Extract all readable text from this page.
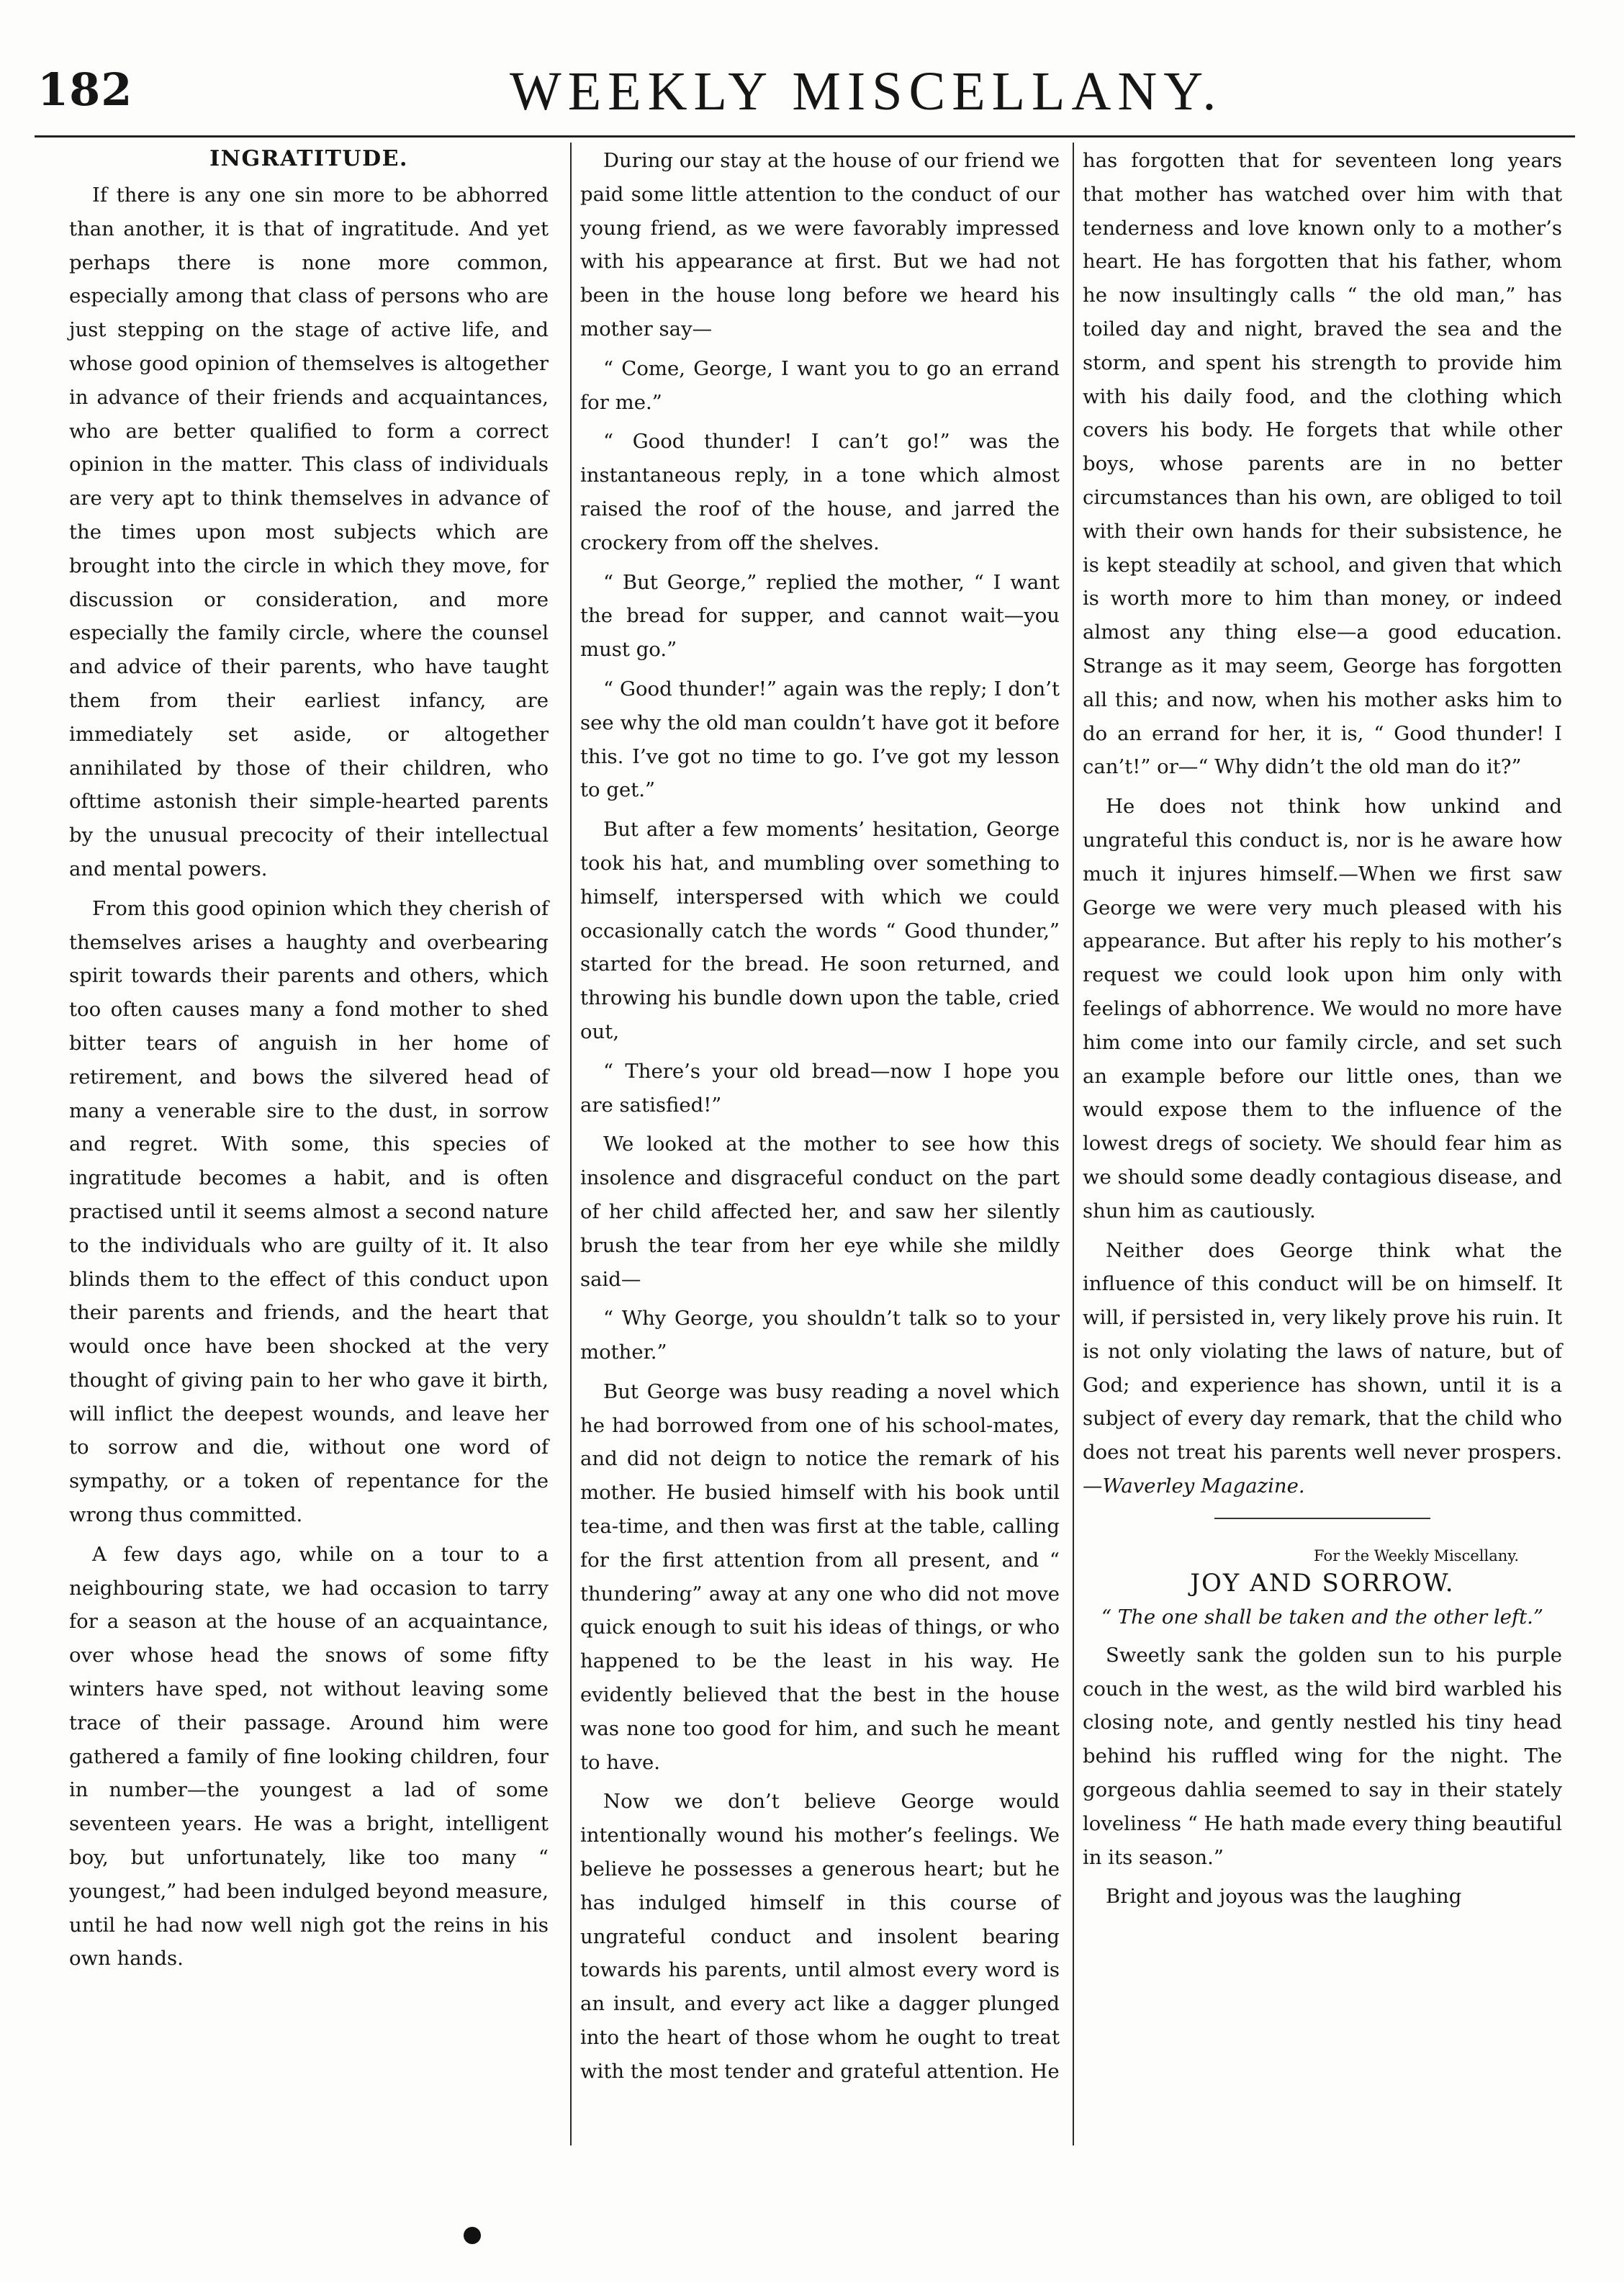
182	WEEKLY MISCELLANY.
INGRATITUDE.

If there is any one sin more to be abhorred than another, it is that of ingratitude. And yet perhaps there is none more common, especially among that class of persons who are just stepping on the stage of active life, and whose good opinion of themselves is altogether in advance of their friends and acquaintances, who are better qualified to form a correct opinion in the matter. This class of individuals are very apt to think themselves in advance of the times upon most subjects which are brought into the circle in which they move, for discussion or consideration, and more especially the family circle, where the counsel and advice of their parents, who have taught them from their earliest infancy, are immediately set aside, or altogether annihilated by those of their children, who ofttime astonish their simple-hearted parents by the unusual precocity of their intellectual and mental powers.

From this good opinion which they cherish of themselves arises a haughty and overbearing spirit towards their parents and others, which too often causes many a fond mother to shed bitter tears of anguish in her home of retirement, and bows the silvered head of many a venerable sire to the dust, in sorrow and regret. With some, this species of ingratitude becomes a habit, and is often practised until it seems almost a second nature to the individuals who are guilty of it. It also blinds them to the effect of this conduct upon their parents and friends, and the heart that would once have been shocked at the very thought of giving pain to her who gave it birth, will inflict the deepest wounds, and leave her to sorrow and die, without one word of sympathy, or a token of repentance for the wrong thus committed.

A few days ago, while on a tour to a neighbouring state, we had occasion to tarry for a season at the house of an acquaintance, over whose head the snows of some fifty winters have sped, not without leaving some trace of their passage. Around him were gathered a family of fine looking children, four in number—the youngest a lad of some seventeen years. He was a bright, intelligent boy, but unfortunately, like too many “ youngest,” had been indulged beyond measure, until he had now well nigh got the reins in his own hands.

During our stay at the house of our friend we paid some little attention to the conduct of our young friend, as we were favorably impressed with his appearance at first. But we had not been in the house long before we heard his mother say—

“ Come, George, I want you to go an errand for me.”

“ Good thunder! I can’t go!” was the instantaneous reply, in a tone which almost raised the roof of the house, and jarred the crockery from off the shelves.

“ But George,” replied the mother, “ I want the bread for supper, and cannot wait—you must go.”

“ Good thunder!” again was the reply; I don’t see why the old man couldn’t have got it before this. I’ve got no time to go. I’ve got my lesson to get.”

But after a few moments’ hesitation, George took his hat, and mumbling over something to himself, interspersed with which we could occasionally catch the words “ Good thunder,” started for the bread. He soon returned, and throwing his bundle down upon the table, cried out,

“ There’s your old bread—now I hope you are satisfied!”

We looked at the mother to see how this insolence and disgraceful conduct on the part of her child affected her, and saw her silently brush the tear from her eye while she mildly said—

“ Why George, you shouldn’t talk so to your mother.”

But George was busy reading a novel which he had borrowed from one of his school-mates, and did not deign to notice the remark of his mother. He busied himself with his book until tea-time, and then was first at the table, calling for the first attention from all present, and “ thundering” away at any one who did not move quick enough to suit his ideas of things, or who happened to be the least in his way. He evidently believed that the best in the house was none too good for him, and such he meant to have.

Now we don’t believe George would intentionally wound his mother’s feelings. We believe he possesses a generous heart; but he has indulged himself in this course of ungrateful conduct and insolent bearing towards his parents, until almost every word is an insult, and every act like a dagger plunged into the heart of those whom he ought to treat with the most tender and grateful attention. He

has forgotten that for seventeen long years that mother has watched over him with that tenderness and love known only to a mother’s heart. He has forgotten that his father, whom he now insultingly calls “ the old man,” has toiled day and night, braved the sea and the storm, and spent his strength to provide him with his daily food, and the clothing which covers his body. He forgets that while other boys, whose parents are in no better circumstances than his own, are obliged to toil with their own hands for their subsistence, he is kept steadily at school, and given that which is worth more to him than money, or indeed almost any thing else—a good education. Strange as it may seem, George has forgotten all this; and now, when his mother asks him to do an errand for her, it is, “ Good thunder! I can’t!” or—“ Why didn’t the old man do it?”

He does not think how unkind and ungrateful this conduct is, nor is he aware how much it injures himself.—When we first saw George we were very much pleased with his appearance. But after his reply to his mother’s request we could look upon him only with feelings of abhorrence. We would no more have him come into our family circle, and set such an example before our little ones, than we would expose them to the influence of the lowest dregs of society. We should fear him as we should some deadly contagious disease, and shun him as cautiously.

Neither does George think what the influence of this conduct will be on himself. It will, if persisted in, very likely prove his ruin. It is not only violating the laws of nature, but of God; and experience has shown, until it is a subject of every day remark, that the child who does not treat his parents well never prospers.—Waverley Magazine.

For the Weekly Miscellany.
JOY AND SORROW.
“ The one shall be taken and the other left.”

Sweetly sank the golden sun to his purple couch in the west, as the wild bird warbled his closing note, and gently nestled his tiny head behind his ruffled wing for the night. The gorgeous dahlia seemed to say in their stately loveliness “ He hath made every thing beautiful in its season.”

Bright and joyous was the laughing
